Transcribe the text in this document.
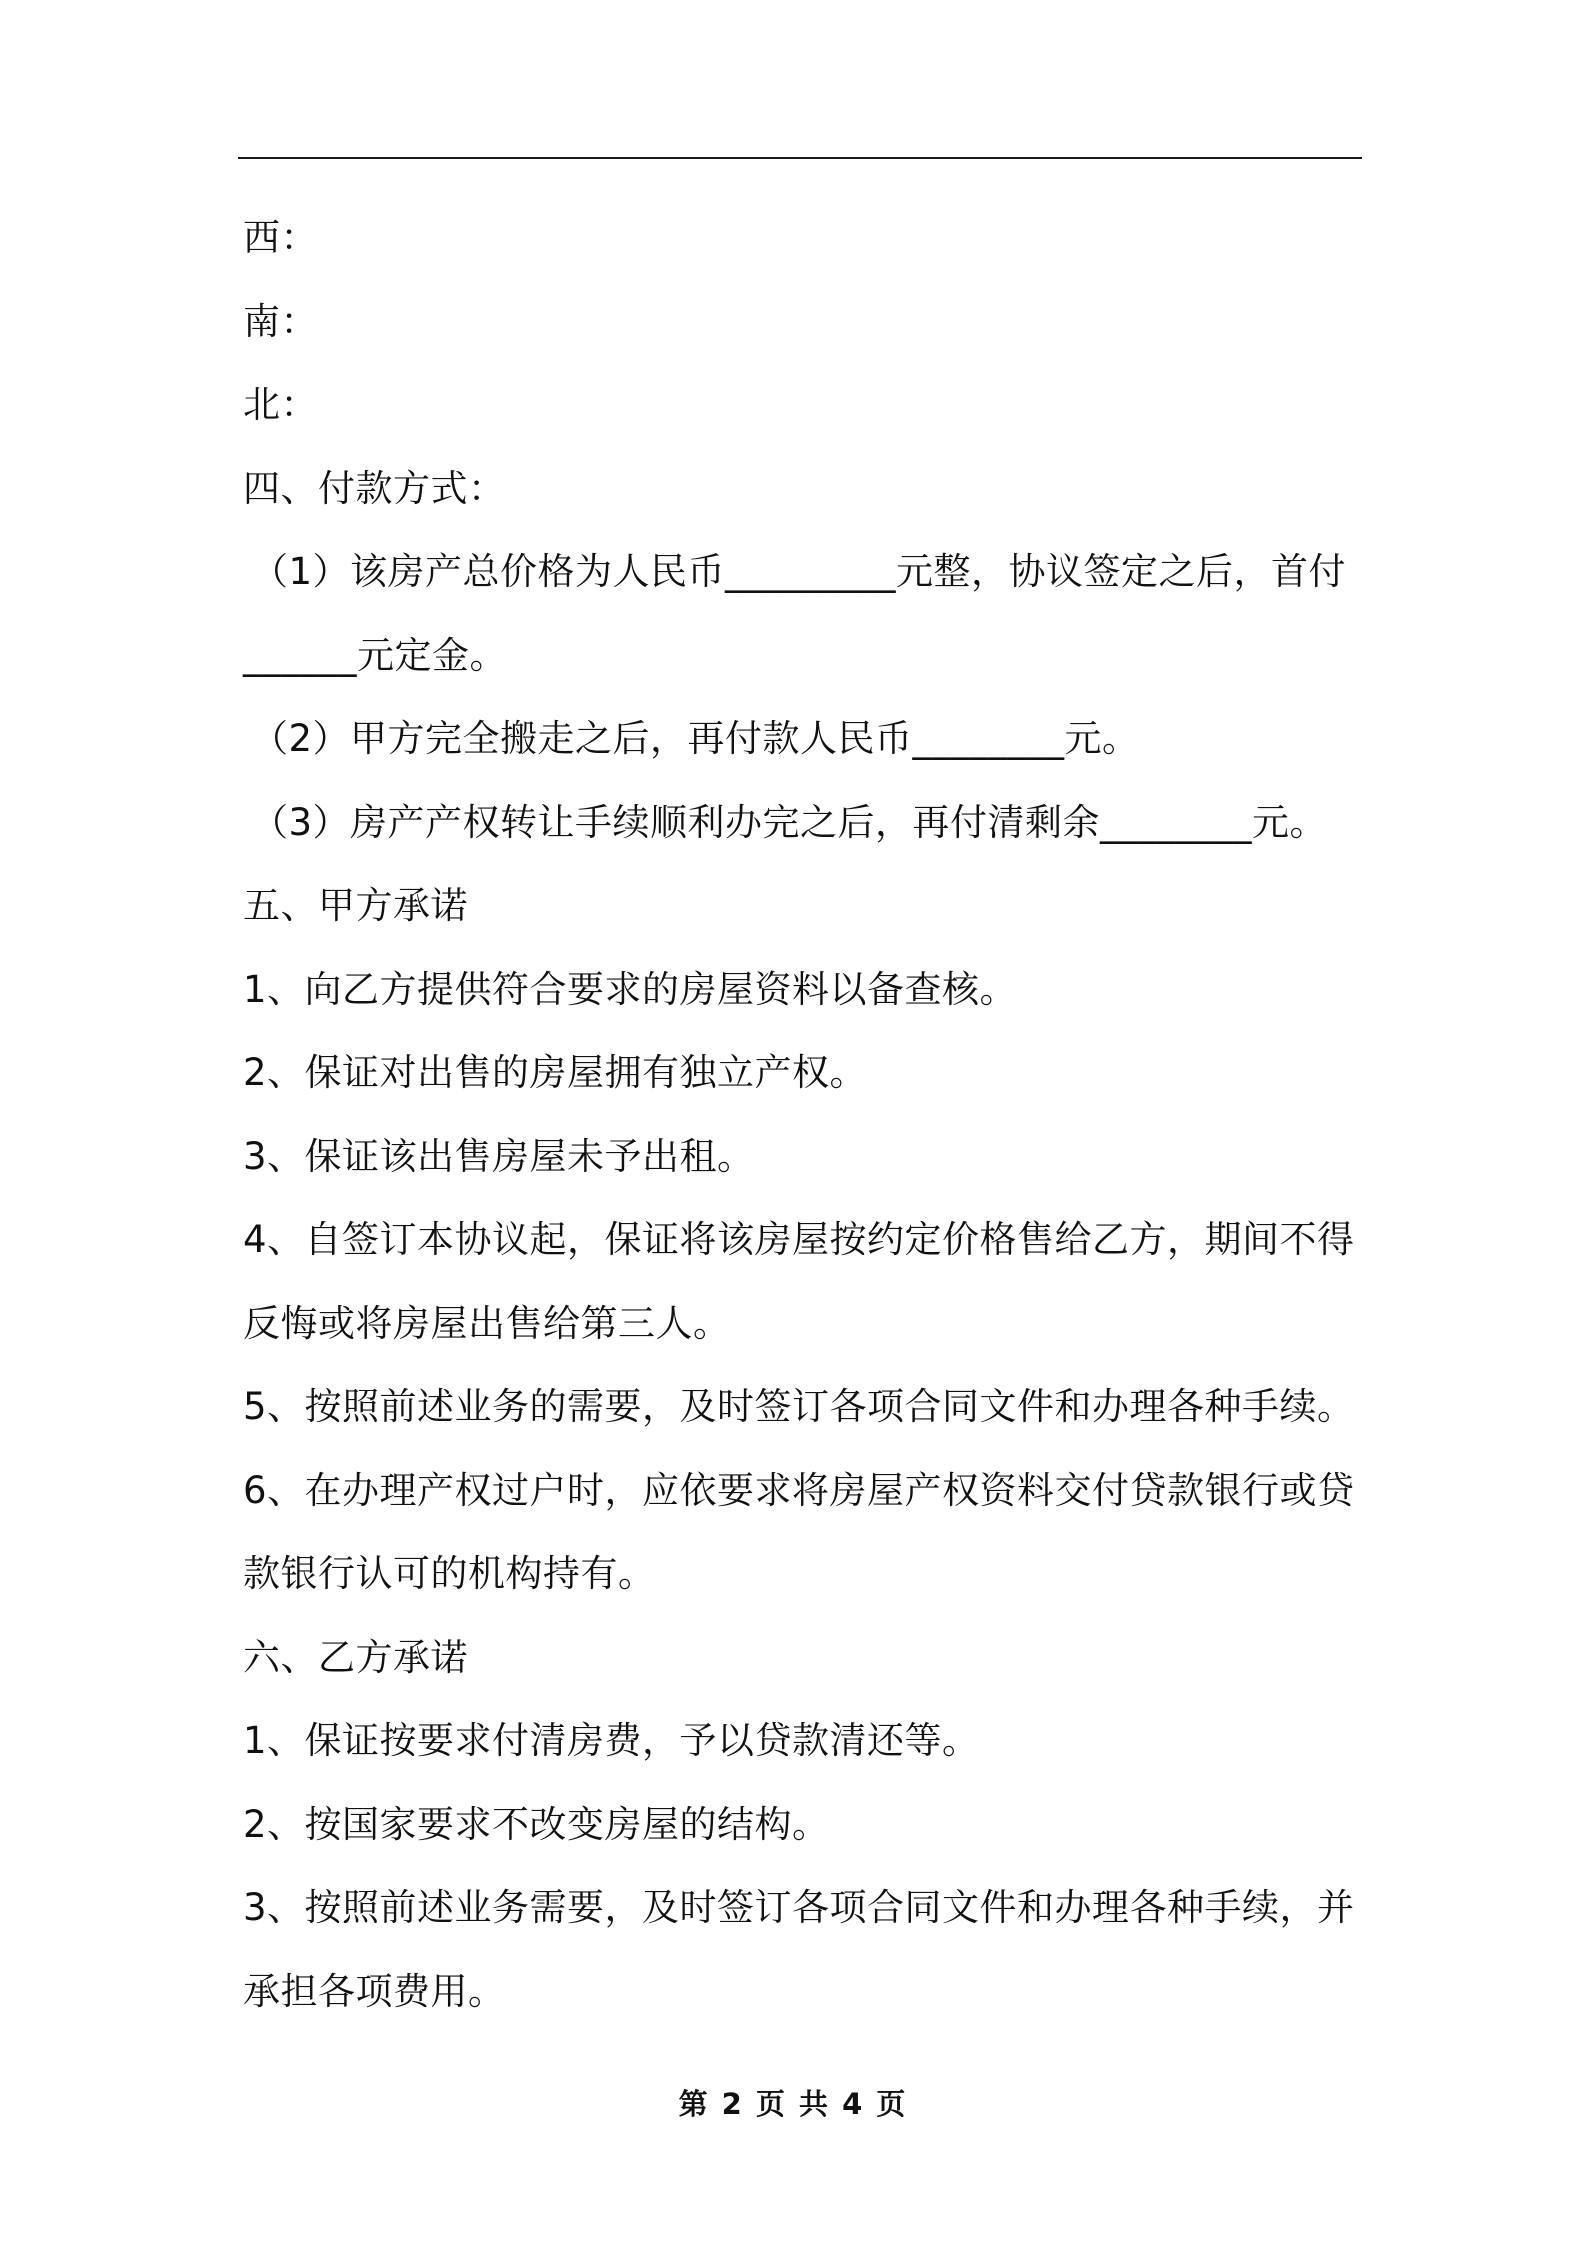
西：
南：
北：
四、付款方式：
（1）该房产总价格为人民币_________元整，协议签定之后，首付
______元定金。
（2）甲方完全搬走之后，再付款人民币________元。
（3）房产产权转让手续顺利办完之后，再付清剩余________元。
五、甲方承诺
1、向乙方提供符合要求的房屋资料以备查核。
2、保证对出售的房屋拥有独立产权。
3、保证该出售房屋未予出租。
4、自签订本协议起，保证将该房屋按约定价格售给乙方，期间不得
反悔或将房屋出售给第三人。
5、按照前述业务的需要，及时签订各项合同文件和办理各种手续。
6、在办理产权过户时，应依要求将房屋产权资料交付贷款银行或贷
款银行认可的机构持有。
六、乙方承诺
1、保证按要求付清房费，予以贷款清还等。
2、按国家要求不改变房屋的结构。
3、按照前述业务需要，及时签订各项合同文件和办理各种手续，并
承担各项费用。
第 2 页 共 4 页
